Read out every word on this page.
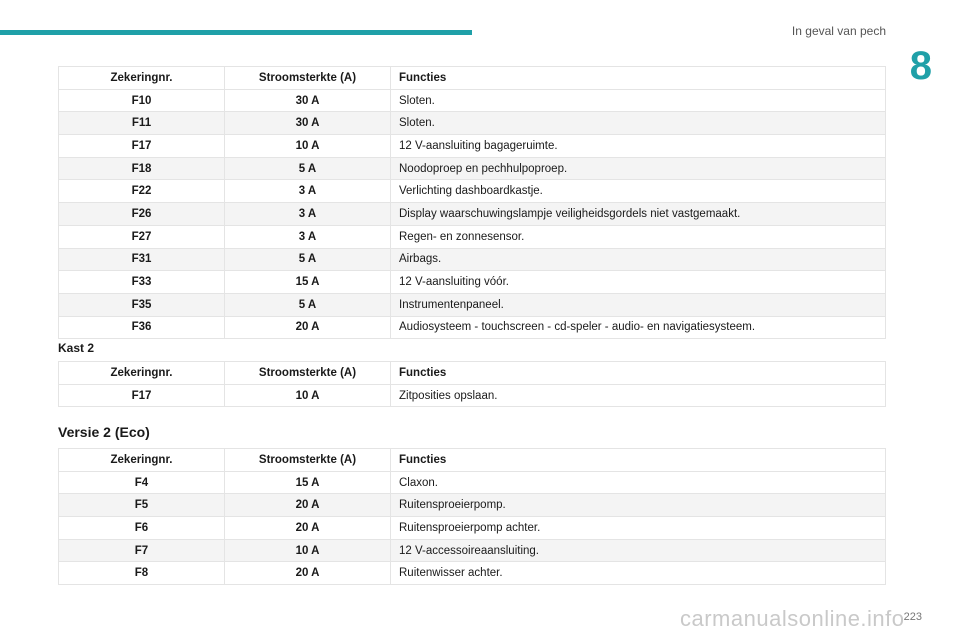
In geval van pech
8
Zekeringnr.	Stroomsterkte (A)	Functies
F10	30 A	Sloten.
F11	30 A	Sloten.
F17	10 A	12 V-aansluiting bagageruimte.
F18	5 A	Noodoproep en pechhulpoproep.
F22	3 A	Verlichting dashboardkastje.
F26	3 A	Display waarschuwingslampje veiligheidsgordels niet vastgemaakt.
F27	3 A	Regen- en zonnesensor.
F31	5 A	Airbags.
F33	15 A	12 V-aansluiting vóór.
F35	5 A	Instrumentenpaneel.
F36	20 A	Audiosysteem - touchscreen - cd-speler - audio- en navigatiesysteem.
Kast 2
Zekeringnr.	Stroomsterkte (A)	Functies
F17	10 A	Zitposities opslaan.
Versie 2 (Eco)
Zekeringnr.	Stroomsterkte (A)	Functies
F4	15 A	Claxon.
F5	20 A	Ruitensproeierpomp.
F6	20 A	Ruitensproeierpomp achter.
F7	10 A	12 V-accessoireaansluiting.
F8	20 A	Ruitenwisser achter.
carmanualsonline.info 223
